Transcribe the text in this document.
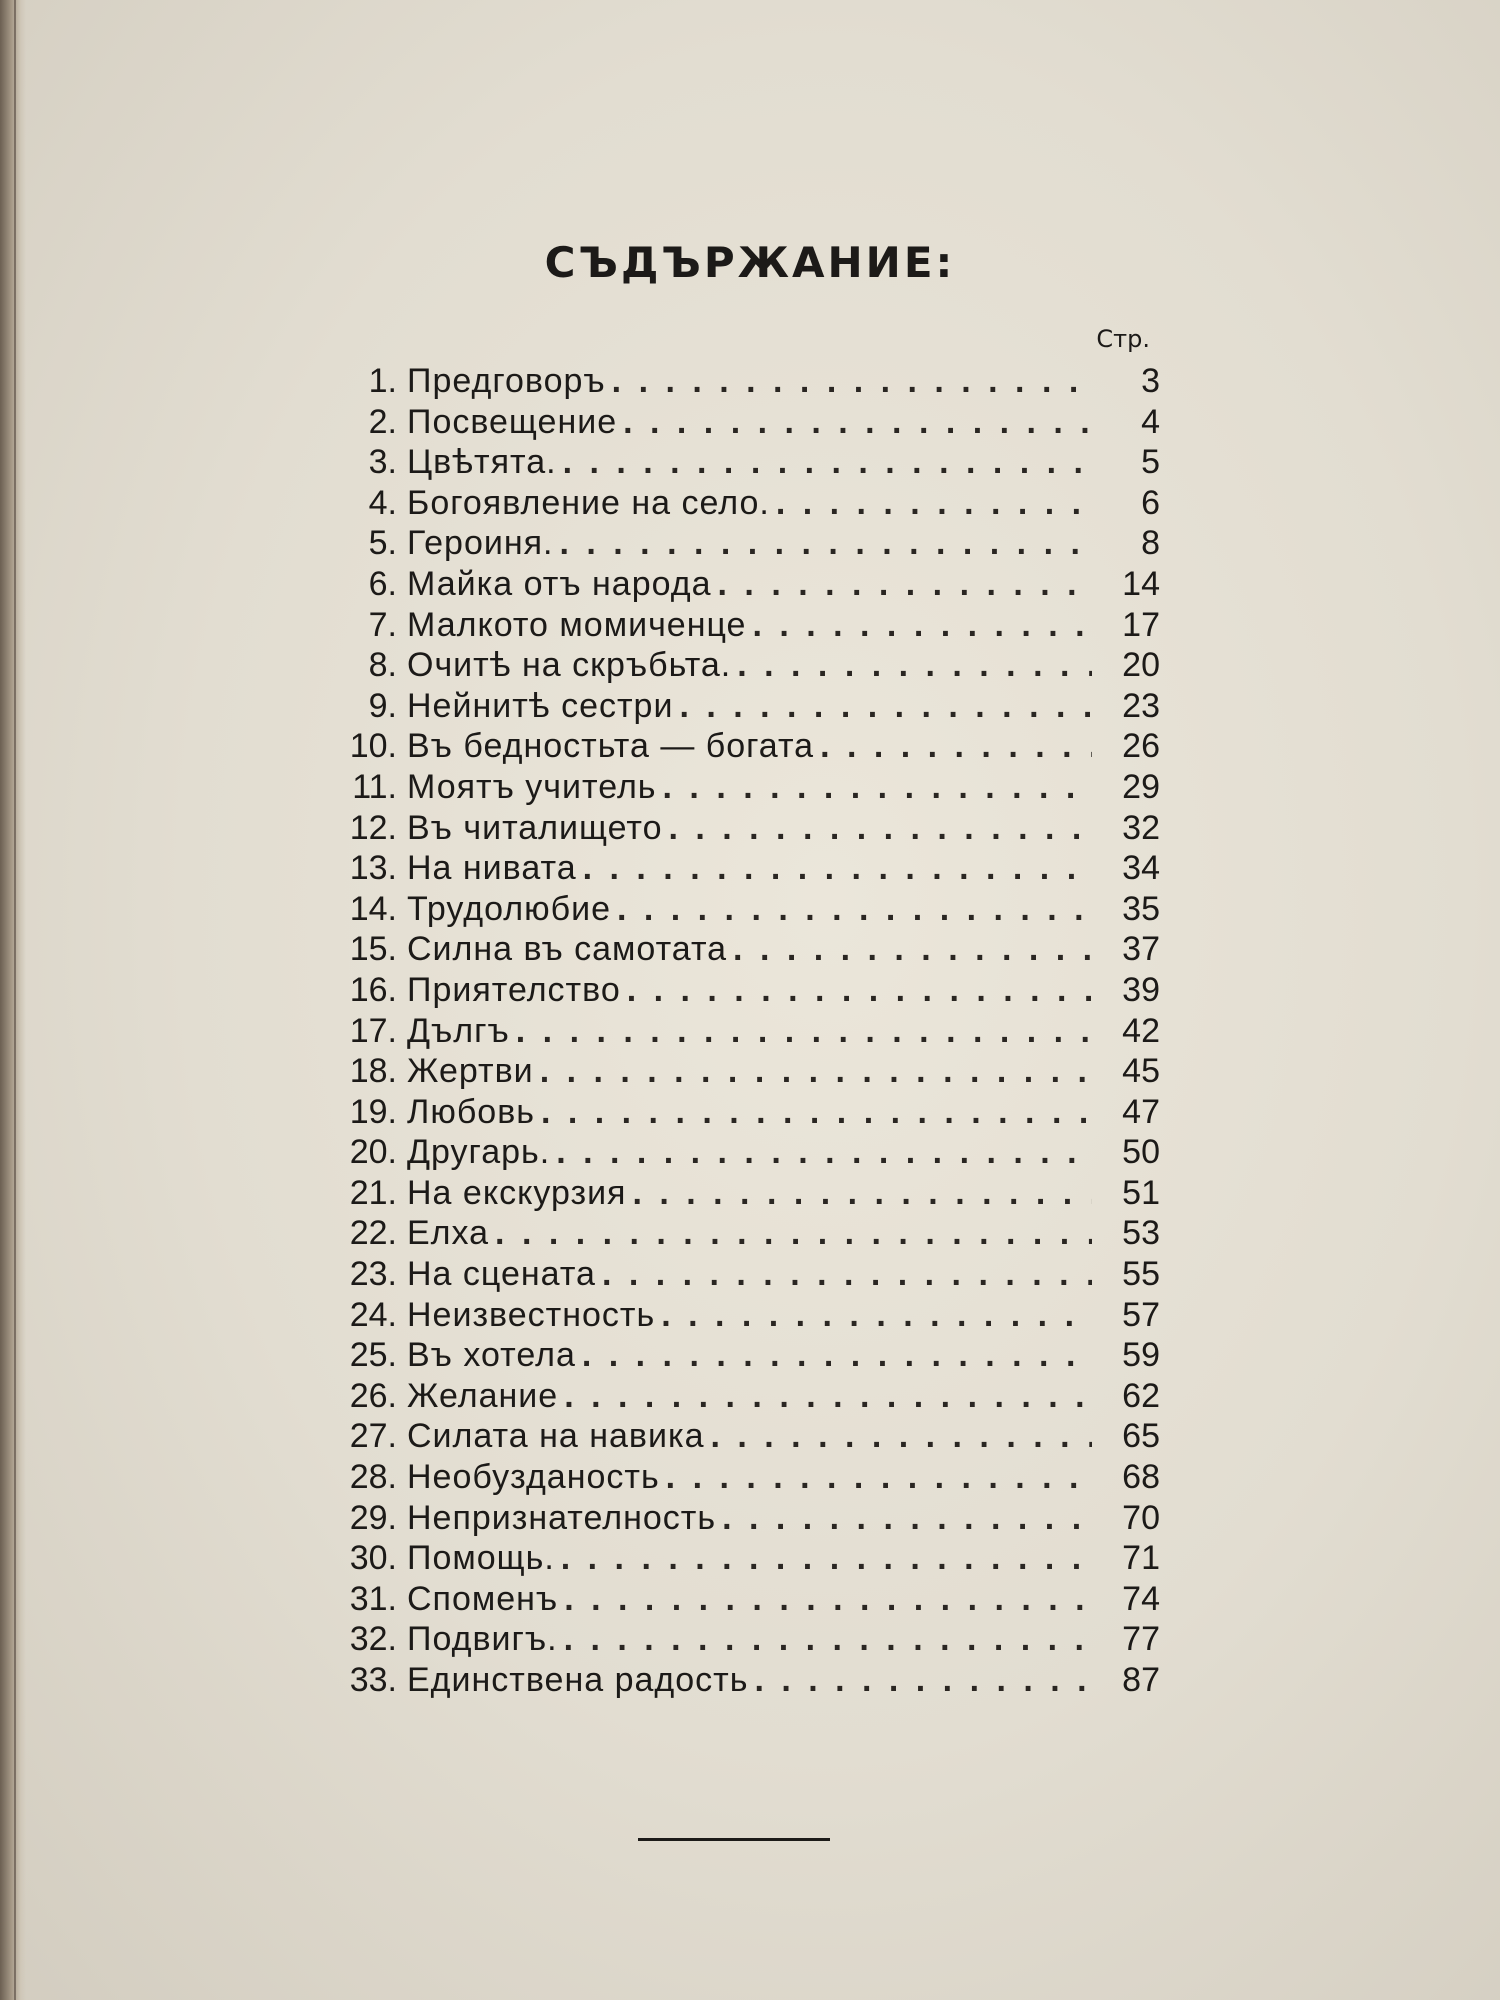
СЪДЪРЖАНИЕ:
Стр.
1. Предговоръ . . .	3
2. Посвещение . . .	4
3. Цвѣтята. . . .	5
4. Богоявление на село. . . .	6
5. Героиня. . . .	8
6. Майка отъ народа . . .	14
7. Малкото момиченце . . .	17
8. Очитѣ на скръбьта. . . .	20
9. Нейнитѣ сестри . . .	23
10. Въ бедностьта — богата . . .	26
11. Моятъ учитель . . .	29
12. Въ читалището . . .	32
13. На нивата . . .	34
14. Трудолюбие . . .	35
15. Силна въ самотата . . .	37
16. Приятелство . . .	39
17. Дългъ . . .	42
18. Жертви . . .	45
19. Любовь . . .	47
20. Другарь. . . .	50
21. На екскурзия . . .	51
22. Елха . . .	53
23. На сцената . . .	55
24. Неизвестность . . .	57
25. Въ хотела . . .	59
26. Желание . . .	62
27. Силата на навика . . .	65
28. Необузданость . . .	68
29. Непризнателность . . .	70
30. Помощь. . . .	71
31. Споменъ . . .	74
32. Подвигъ. . . .	77
33. Единствена радость . . .	87
